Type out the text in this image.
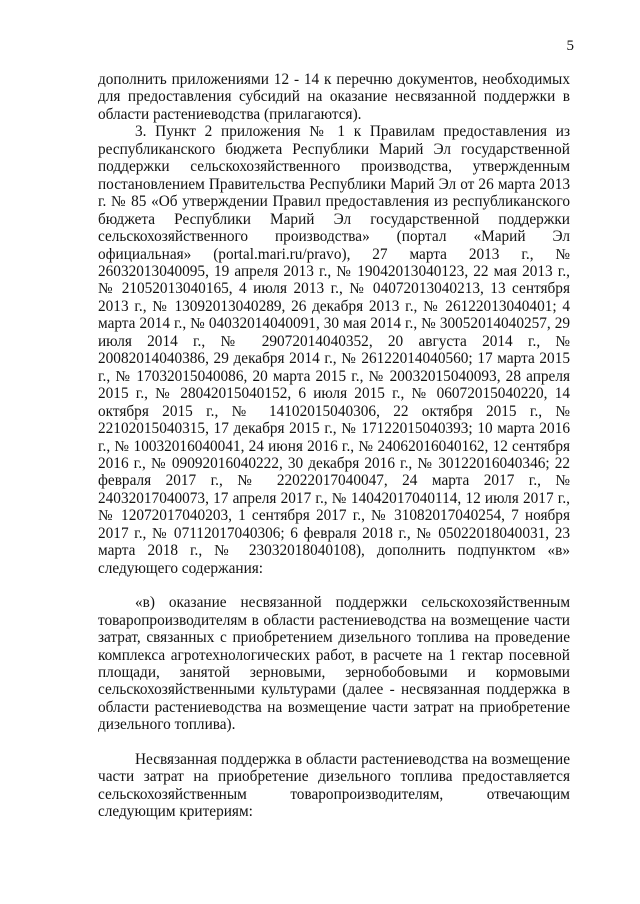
5

дополнить приложениями 12 - 14 к перечню документов, необходимых для предоставления субсидий на оказание несвязанной поддержки в области растениеводства (прилагаются).

3. Пункт 2 приложения № 1 к Правилам предоставления из республиканского бюджета Республики Марий Эл государственной поддержки сельскохозяйственного производства, утвержденным постановлением Правительства Республики Марий Эл от 26 марта 2013 г. № 85 «Об утверждении Правил предоставления из республиканского бюджета Республики Марий Эл государственной поддержки сельскохозяйственного производства» (портал «Марий Эл официальная» (portal.mari.ru/pravo), 27 марта 2013 г., № 26032013040095, 19 апреля 2013 г., № 19042013040123, 22 мая 2013 г., № 21052013040165, 4 июля 2013 г., № 04072013040213, 13 сентября 2013 г., № 13092013040289, 26 декабря 2013 г., № 26122013040401; 4 марта 2014 г., № 04032014040091, 30 мая 2014 г., № 30052014040257, 29 июля 2014 г., № 29072014040352, 20 августа 2014 г., № 20082014040386, 29 декабря 2014 г., № 26122014040560; 17 марта 2015 г., № 17032015040086, 20 марта 2015 г., № 20032015040093, 28 апреля 2015 г., № 28042015040152, 6 июля 2015 г., № 06072015040220, 14 октября 2015 г., № 14102015040306, 22 октября 2015 г., № 22102015040315, 17 декабря 2015 г., № 17122015040393; 10 марта 2016 г., № 10032016040041, 24 июня 2016 г., № 24062016040162, 12 сентября 2016 г., № 09092016040222, 30 декабря 2016 г., № 30122016040346; 22 февраля 2017 г., № 22022017040047, 24 марта 2017 г., № 24032017040073, 17 апреля 2017 г., № 14042017040114, 12 июля 2017 г., № 12072017040203, 1 сентября 2017 г., № 31082017040254, 7 ноября 2017 г., № 07112017040306; 6 февраля 2018 г., № 05022018040031, 23 марта 2018 г., № 23032018040108), дополнить подпунктом «в» следующего содержания:

«в) оказание несвязанной поддержки сельскохозяйственным товаропроизводителям в области растениеводства на возмещение части затрат, связанных с приобретением дизельного топлива на проведение комплекса агротехнологических работ, в расчете на 1 гектар посевной площади, занятой зерновыми, зернобобовыми и кормовыми сельскохозяйственными культурами (далее - несвязанная поддержка в области растениеводства на возмещение части затрат на приобретение дизельного топлива).

Несвязанная поддержка в области растениеводства на возмещение части затрат на приобретение дизельного топлива предоставляется сельскохозяйственным товаропроизводителям, отвечающим следующим критериям:
